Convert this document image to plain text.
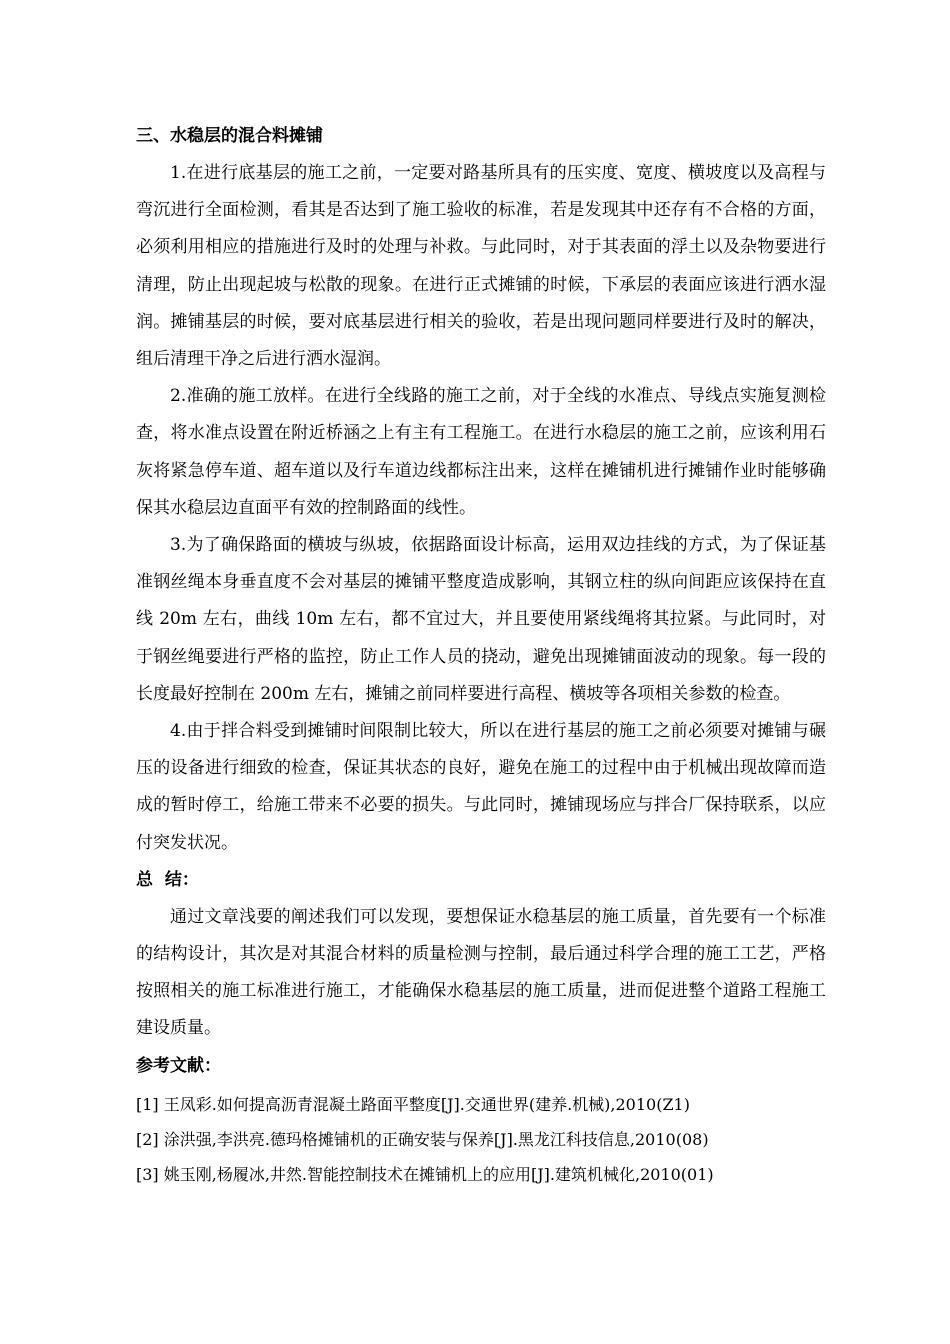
三、水稳层的混合料摊铺

1.在进行底基层的施工之前，一定要对路基所具有的压实度、宽度、横坡度以及高程与弯沉进行全面检测，看其是否达到了施工验收的标准，若是发现其中还存有不合格的方面，必须利用相应的措施进行及时的处理与补救。与此同时，对于其表面的浮土以及杂物要进行清理，防止出现起坡与松散的现象。在进行正式摊铺的时候，下承层的表面应该进行洒水湿润。摊铺基层的时候，要对底基层进行相关的验收，若是出现问题同样要进行及时的解决，组后清理干净之后进行洒水湿润。

2.准确的施工放样。在进行全线路的施工之前，对于全线的水准点、导线点实施复测检查，将水准点设置在附近桥涵之上有主有工程施工。在进行水稳层的施工之前，应该利用石灰将紧急停车道、超车道以及行车道边线都标注出来，这样在摊铺机进行摊铺作业时能够确保其水稳层边直面平有效的控制路面的线性。

3.为了确保路面的横坡与纵坡，依据路面设计标高，运用双边挂线的方式，为了保证基准钢丝绳本身垂直度不会对基层的摊铺平整度造成影响，其钢立柱的纵向间距应该保持在直线 20m 左右，曲线 10m 左右，都不宜过大，并且要使用紧线绳将其拉紧。与此同时，对于钢丝绳要进行严格的监控，防止工作人员的挠动，避免出现摊铺面波动的现象。每一段的长度最好控制在 200m 左右，摊铺之前同样要进行高程、横坡等各项相关参数的检查。

4.由于拌合料受到摊铺时间限制比较大，所以在进行基层的施工之前必须要对摊铺与碾压的设备进行细致的检查，保证其状态的良好，避免在施工的过程中由于机械出现故障而造成的暂时停工，给施工带来不必要的损失。与此同时，摊铺现场应与拌合厂保持联系，以应付突发状况。

总  结：

通过文章浅要的阐述我们可以发现，要想保证水稳基层的施工质量，首先要有一个标准的结构设计，其次是对其混合材料的质量检测与控制，最后通过科学合理的施工工艺，严格按照相关的施工标准进行施工，才能确保水稳基层的施工质量，进而促进整个道路工程施工建设质量。

参考文献：
[1] 王凤彩.如何提高沥青混凝土路面平整度[J].交通世界(建养.机械),2010(Z1)
[2] 涂洪强,李洪亮.德玛格摊铺机的正确安装与保养[J].黑龙江科技信息,2010(08)
[3] 姚玉刚,杨履冰,井然.智能控制技术在摊铺机上的应用[J].建筑机械化,2010(01)
